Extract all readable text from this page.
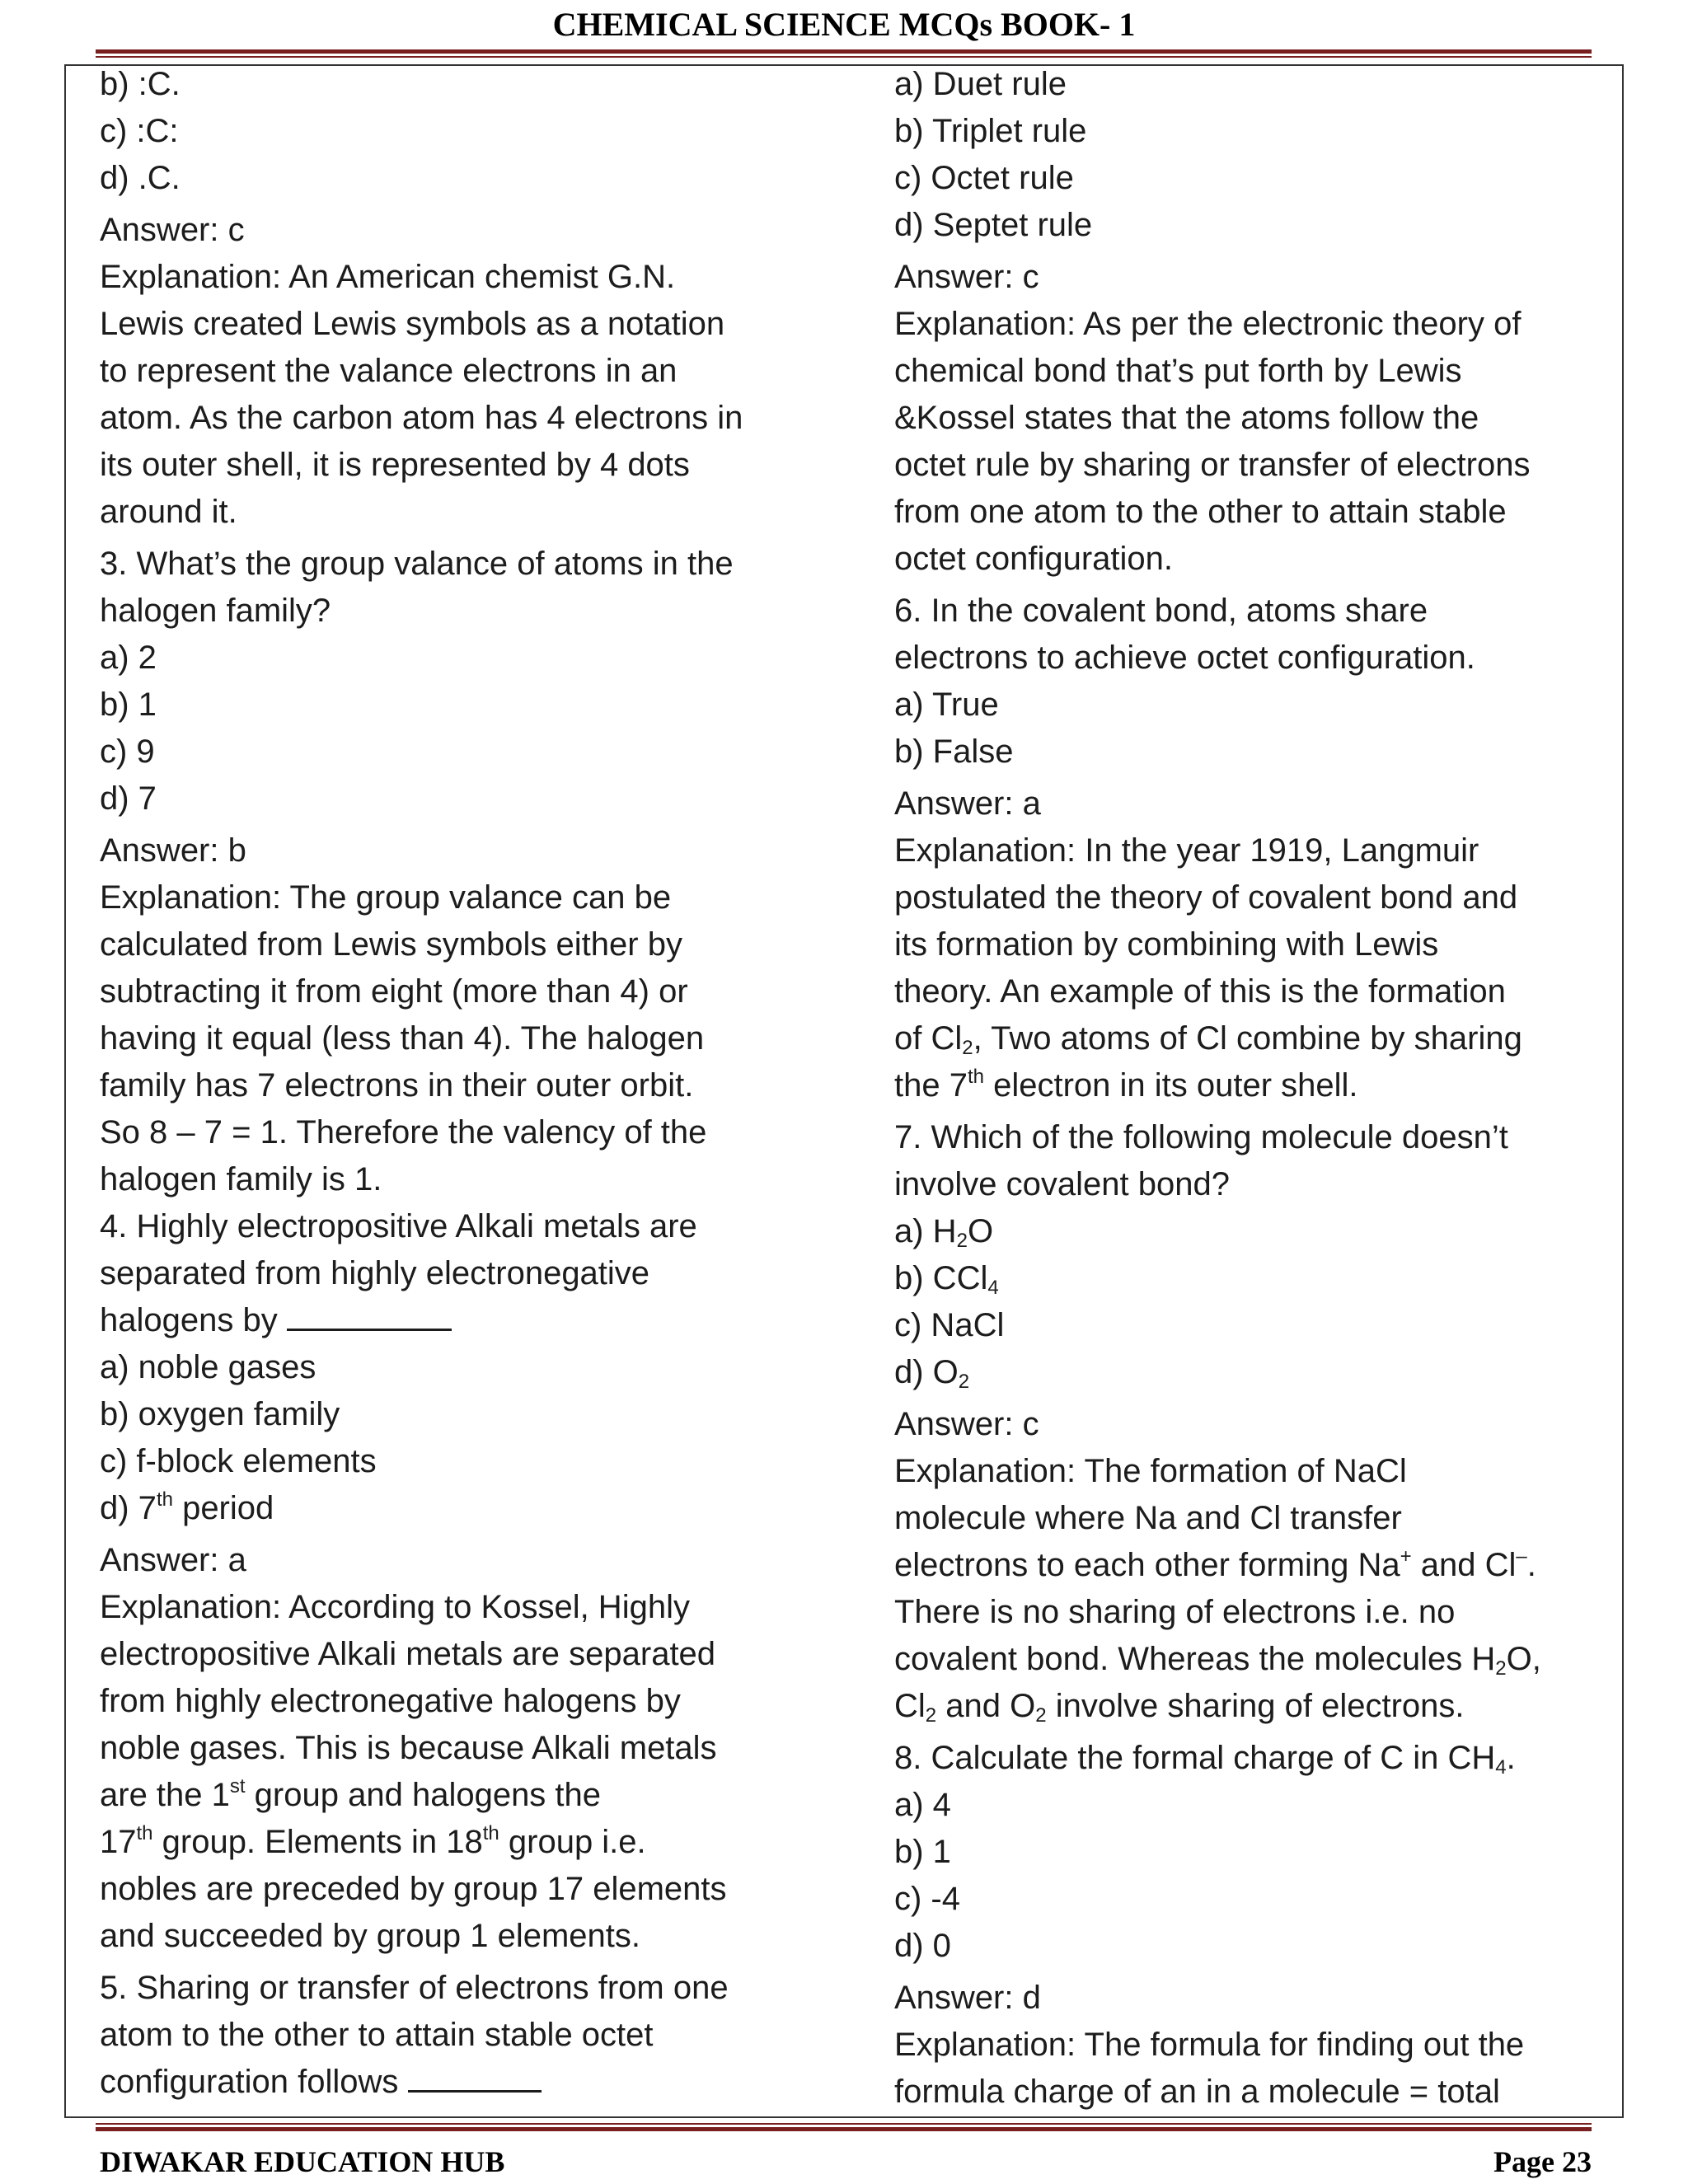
CHEMICAL SCIENCE MCQs BOOK- 1
b) :C.
c) :C:
d) .C.
Answer: c
Explanation: An American chemist G.N.
Lewis created Lewis symbols as a notation
to represent the valance electrons in an
atom. As the carbon atom has 4 electrons in
its outer shell, it is represented by 4 dots
around it.
3. What’s the group valance of atoms in the
halogen family?
a) 2
b) 1
c) 9
d) 7
Answer: b
Explanation: The group valance can be
calculated from Lewis symbols either by
subtracting it from eight (more than 4) or
having it equal (less than 4). The halogen
family has 7 electrons in their outer orbit.
So 8 – 7 = 1. Therefore the valency of the
halogen family is 1.
4. Highly electropositive Alkali metals are
separated from highly electronegative
halogens by
a) noble gases
b) oxygen family
c) f-block elements
d) 7th period
Answer: a
Explanation: According to Kossel, Highly
electropositive Alkali metals are separated
from highly electronegative halogens by
noble gases. This is because Alkali metals
are the 1st group and halogens the
17th group. Elements in 18th group i.e.
nobles are preceded by group 17 elements
and succeeded by group 1 elements.
5. Sharing or transfer of electrons from one
atom to the other to attain stable octet
configuration follows
a) Duet rule
b) Triplet rule
c) Octet rule
d) Septet rule
Answer: c
Explanation: As per the electronic theory of
chemical bond that’s put forth by Lewis
&Kossel states that the atoms follow the
octet rule by sharing or transfer of electrons
from one atom to the other to attain stable
octet configuration.
6. In the covalent bond, atoms share
electrons to achieve octet configuration.
a) True
b) False
Answer: a
Explanation: In the year 1919, Langmuir
postulated the theory of covalent bond and
its formation by combining with Lewis
theory. An example of this is the formation
of $Cl_2$, Two atoms of Cl combine by sharing
the 7th electron in its outer shell.
7. Which of the following molecule doesn’t
involve covalent bond?
a) $H_2O$
b) CCl$_4$
c) NaCl
d) $O_2$
Answer: c
Explanation: The formation of NaCl
molecule where Na and Cl transfer
electrons to each other forming Na+ and Cl–.
There is no sharing of electrons i.e. no
covalent bond. Whereas the molecules $H_2O$,
$Cl_2$ and $O_2$ involve sharing of electrons.
8. Calculate the formal charge of C in $CH_4$.
a) 4
b) 1
c) -4
d) 0
Answer: d
Explanation: The formula for finding out the
formula charge of an in a molecule = total
DIWAKAR EDUCATION HUB	Page 23
